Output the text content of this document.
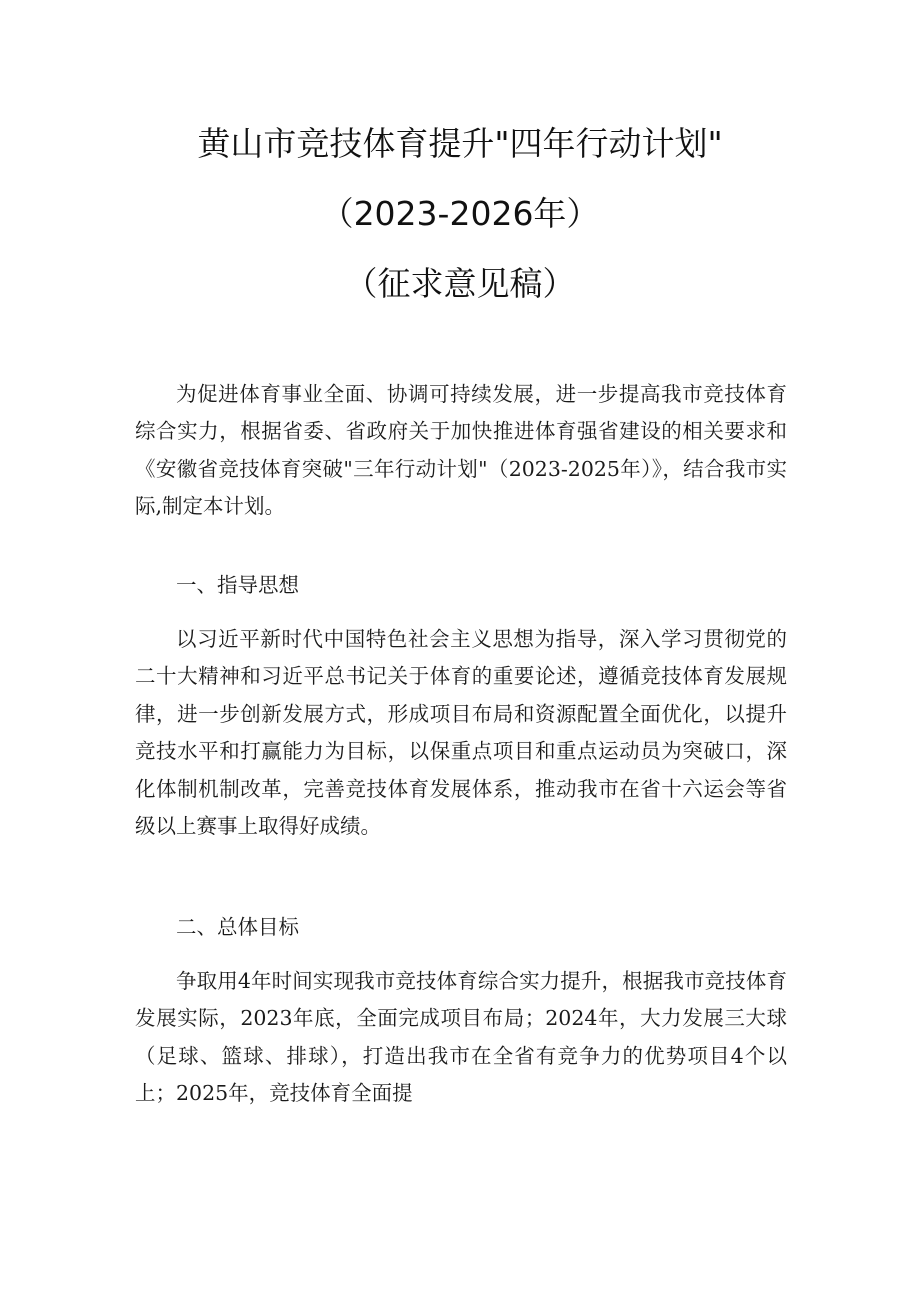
黄山市竞技体育提升"四年行动计划"
（2023-2026年）
（征求意见稿）

为促进体育事业全面、协调可持续发展，进一步提高我市竞技体育综合实力，根据省委、省政府关于加快推进体育强省建设的相关要求和《安徽省竞技体育突破"三年行动计划"（2023-2025年）》，结合我市实际,制定本计划。

一、指导思想

以习近平新时代中国特色社会主义思想为指导，深入学习贯彻党的二十大精神和习近平总书记关于体育的重要论述，遵循竞技体育发展规律，进一步创新发展方式，形成项目布局和资源配置全面优化，以提升竞技水平和打赢能力为目标，以保重点项目和重点运动员为突破口，深化体制机制改革，完善竞技体育发展体系，推动我市在省十六运会等省级以上赛事上取得好成绩。

二、总体目标

争取用4年时间实现我市竞技体育综合实力提升，根据我市竞技体育发展实际，2023年底，全面完成项目布局；2024年，大力发展三大球（足球、篮球、排球），打造出我市在全省有竞争力的优势项目4个以上；2025年，竞技体育全面提
